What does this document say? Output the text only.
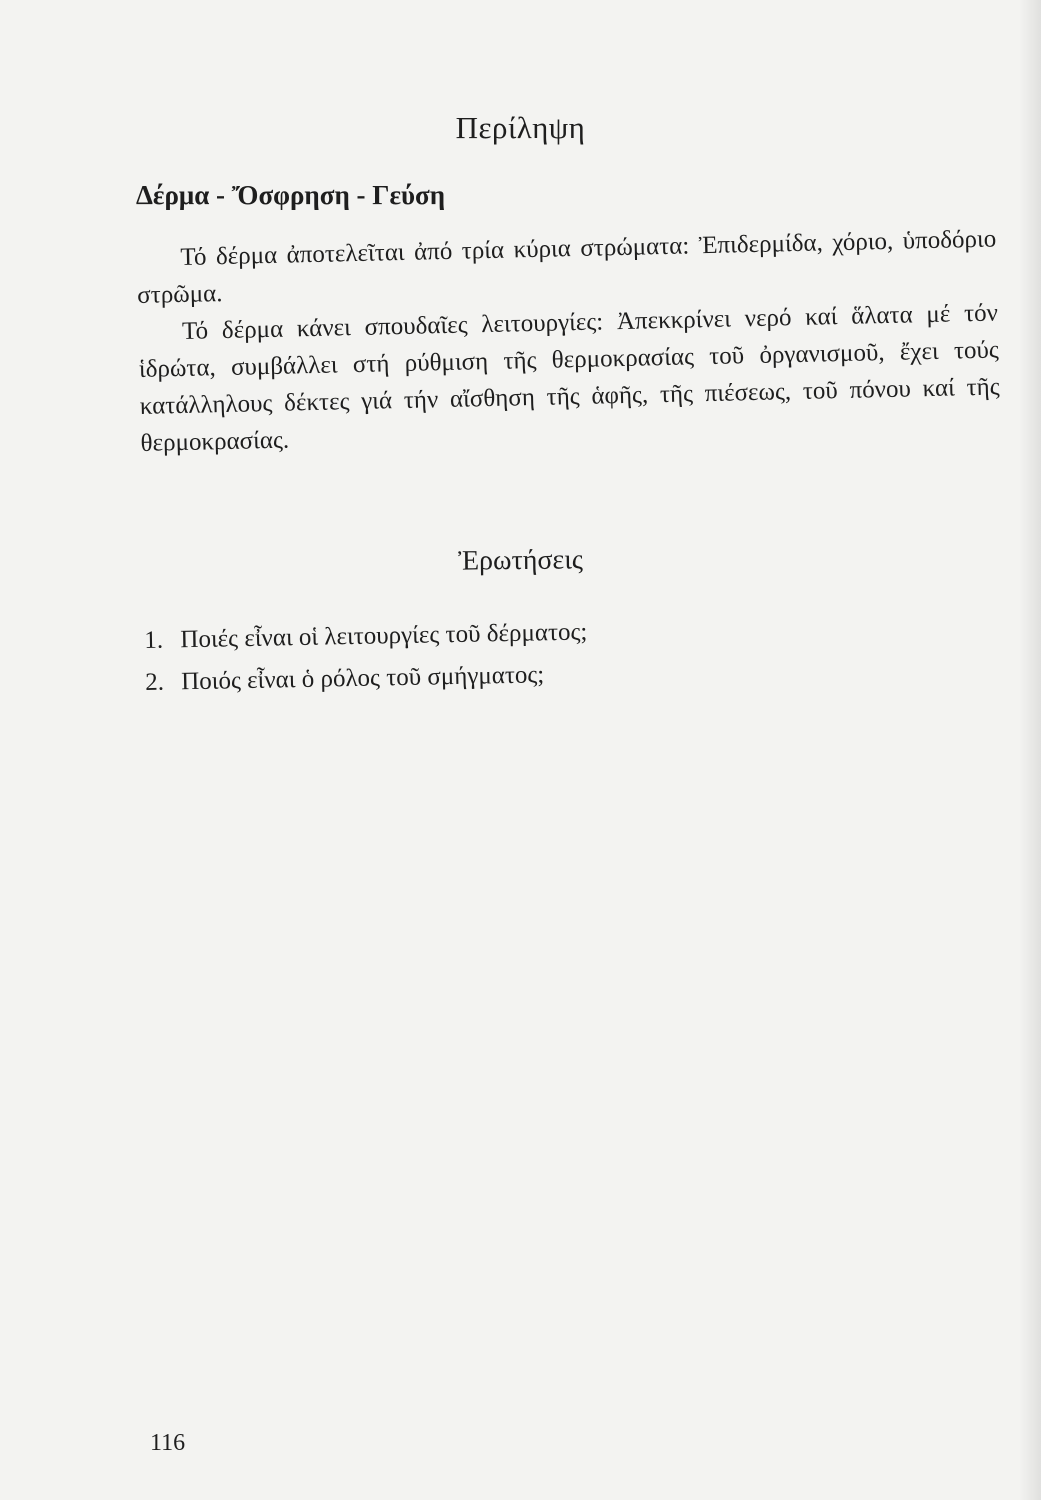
Περίληψη
Δέρμα - Ὄσφρηση - Γεύση

Τό δέρμα ἀποτελεῖται ἀπό τρία κύρια στρώματα: Ἐπιδερμίδα, χόριο, ὑποδόριο στρῶμα.

Τό δέρμα κάνει σπουδαῖες λειτουργίες: Ἀπεκκρίνει νερό καί ἅλατα μέ τόν ἱδρώτα, συμβάλλει στή ρύθμιση τῆς θερμοκρασίας τοῦ ὀργανισμοῦ, ἔχει τούς κατάλληλους δέκτες γιά τήν αἴσθηση τῆς ἁφῆς, τῆς πιέσεως, τοῦ πόνου καί τῆς θερμοκρασίας.

Ἐρωτήσεις
1. Ποιές εἶναι οἱ λειτουργίες τοῦ δέρματος;
2. Ποιός εἶναι ὁ ρόλος τοῦ σμήγματος;
116
